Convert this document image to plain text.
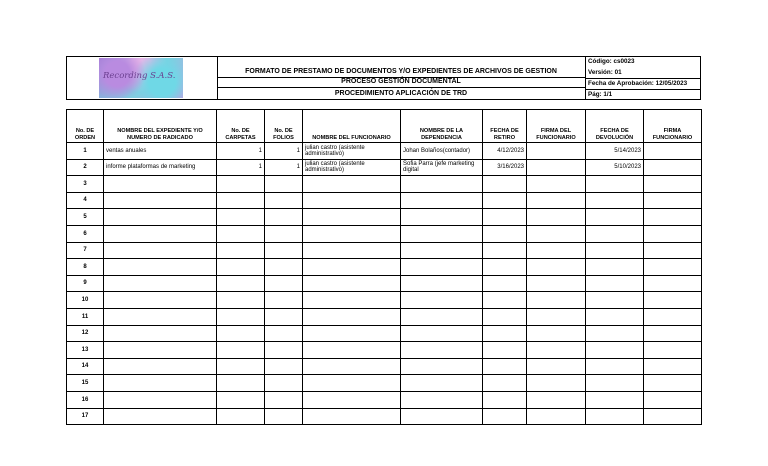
Recording S.A.S.	FORMATO DE PRESTAMO DE DOCUMENTOS Y/O EXPEDIENTES DE ARCHIVOS DE GESTION
PROCESO GESTIÓN DOCUMENTAL
PROCEDIMIENTO APLICACIÓN DE TRD
Código: cs0023
Versión: 01
Fecha de Aprobación: 12/05/2023
Pág: 1/1
No. DE ORDEN	NOMBRE DEL EXPEDIENTE Y/O NUMERO DE RADICADO	No. DE CARPETAS	No. DE FOLIOS	NOMBRE DEL FUNCIONARIO	NOMBRE DE LA DEPENDENCIA	FECHA DE RETIRO	FIRMA DEL FUNCIONARIO	FECHA DE DEVOLUCIÓN	FIRMA FUNCIONARIO
1	ventas anuales	1	1	julian castro (asistente administrativo)	Johan Bolaños(contador)	4/12/2023		5/14/2023	
2	informe plataformas de marketing	1	1	julian castro (asistente administrativo)	Sofia Parra (jefe marketing digital	3/16/2023		5/10/2023	
3									
4									
5									
6									
7									
8									
9									
10									
11									
12									
13									
14									
15									
16									
17									
